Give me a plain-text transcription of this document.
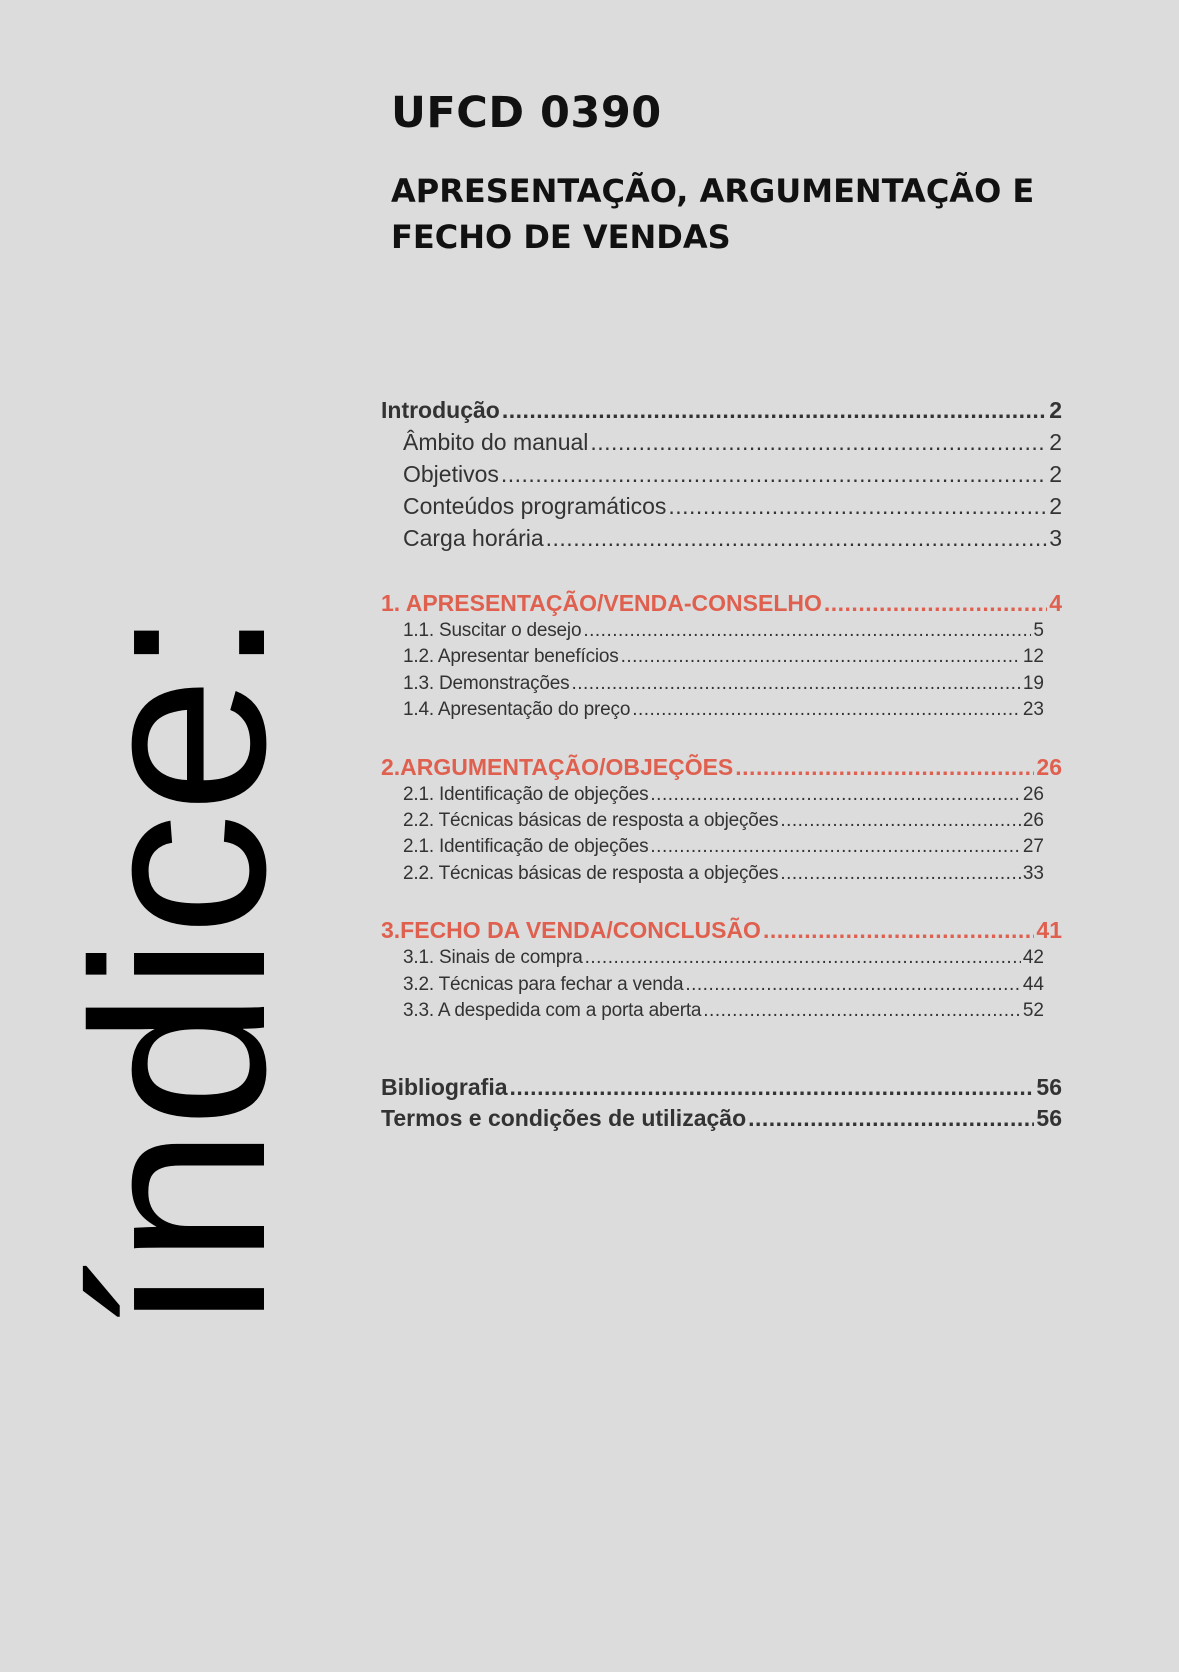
UFCD 0390
APRESENTAÇÃO, ARGUMENTAÇÃO E
FECHO DE VENDAS
índice:
Introdução .....	2
Âmbito do manual .....	2
Objetivos .....	2
Conteúdos programáticos .....	2
Carga horária .....	3
1. APRESENTAÇÃO/VENDA-CONSELHO .....	4
1.1. Suscitar o desejo .....	5
1.2. Apresentar benefícios .....	12
1.3. Demonstrações .....	19
1.4. Apresentação do preço .....	23
2.ARGUMENTAÇÃO/OBJEÇÕES .....	26
2.1. Identificação de objeções .....	26
2.2. Técnicas básicas de resposta a objeções .....	26
2.1. Identificação de objeções .....	27
2.2. Técnicas básicas de resposta a objeções .....	33
3.FECHO DA VENDA/CONCLUSÃO .....	41
3.1. Sinais de compra .....	42
3.2. Técnicas para fechar a venda .....	44
3.3. A despedida com a porta aberta .....	52
Bibliografia .....	56
Termos e condições de utilização .....	56
